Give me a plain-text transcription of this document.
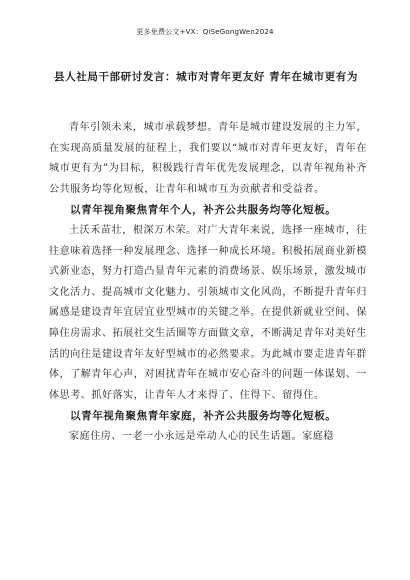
更多免费公文+VX：QiSeGongWen2024
县人社局干部研讨发言：城市对青年更友好 青年在城市更有为

青年引领未来，城市承载梦想。青年是城市建设发展的主力军，在实现高质量发展的征程上，我们要以“城市对青年更友好，青年在城市更有为”为目标，积极践行青年优先发展理念，以青年视角补齐公共服务均等化短板，让青年和城市互为贡献者和受益者。

以青年视角聚焦青年个人，补齐公共服务均等化短板。

土沃禾苗壮，根深万木荣。对广大青年来说，选择一座城市，往往意味着选择一种发展理念、选择一种成长环境。积极拓展商业新模式新业态，努力打造凸显青年元素的消费场景、娱乐场景，激发城市文化活力、提高城市文化魅力、引领城市文化风尚，不断提升青年归属感是建设青年宜居宜业型城市的关键之举。在提供新就业空间、保障住房需求、拓展社交生活圈等方面做文章，不断满足青年对美好生活的向往是建设青年友好型城市的必然要求。为此城市要走进青年群体，了解青年心声，对困扰青年在城市安心奋斗的问题一体谋划、一体思考、抓好落实，让青年人才来得了、住得下、留得住。

以青年视角聚焦青年家庭，补齐公共服务均等化短板。

家庭住房、一老一小永远是牵动人心的民生话题。家庭稳
